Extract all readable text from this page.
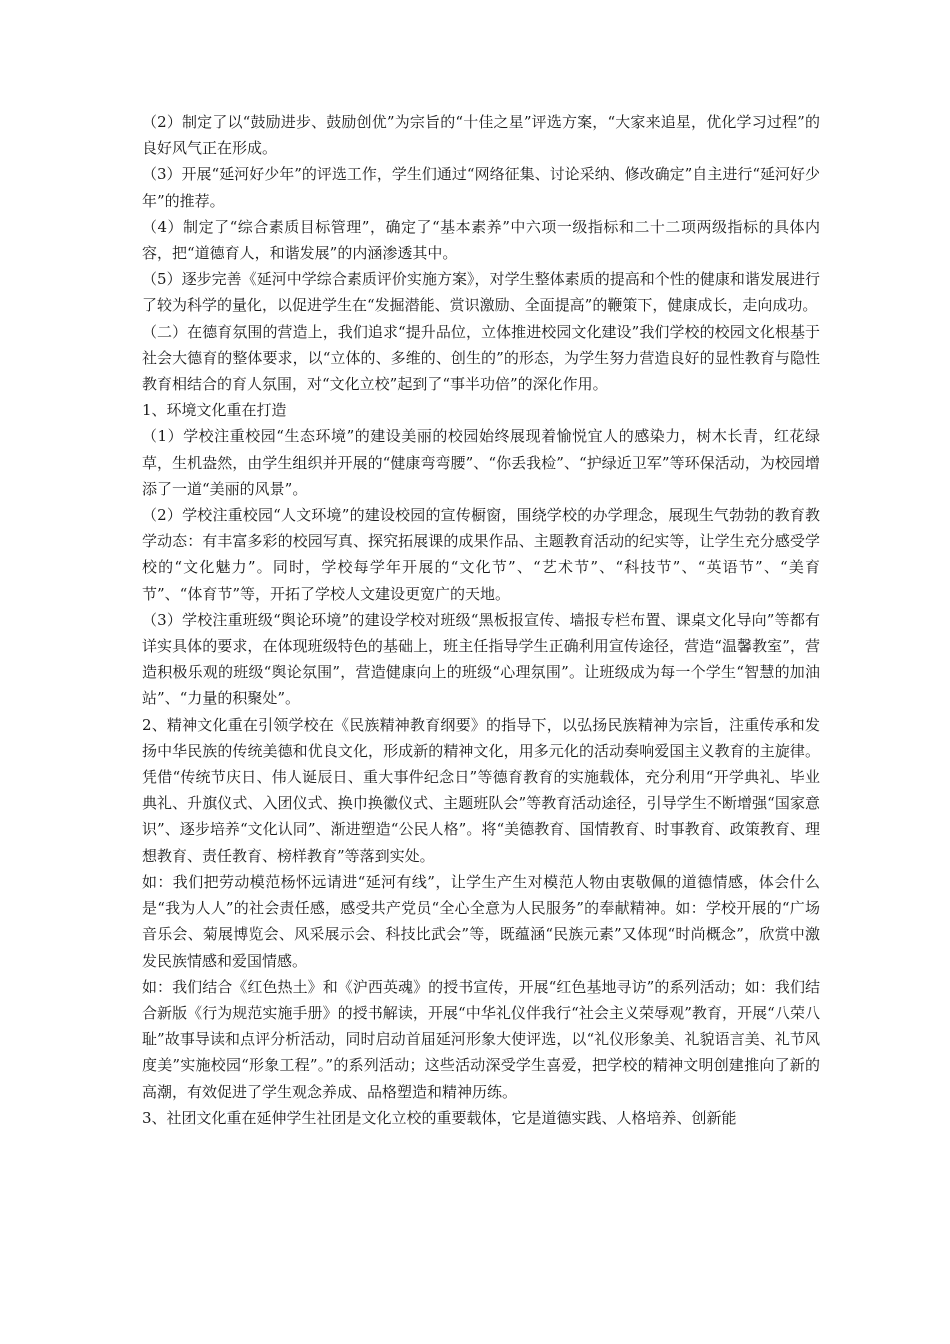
（2）制定了以“鼓励进步、鼓励创优”为宗旨的“十佳之星”评选方案，“大家来追星，优化学习过程”的良好风气正在形成。

（3）开展“延河好少年”的评选工作，学生们通过“网络征集、讨论采纳、修改确定”自主进行“延河好少年”的推荐。

（4）制定了“综合素质目标管理”，确定了“基本素养”中六项一级指标和二十二项两级指标的具体内容，把“道德育人，和谐发展”的内涵渗透其中。

（5）逐步完善《延河中学综合素质评价实施方案》，对学生整体素质的提高和个性的健康和谐发展进行了较为科学的量化，以促进学生在“发掘潜能、赏识激励、全面提高”的鞭策下，健康成长，走向成功。

（二）在德育氛围的营造上，我们追求“提升品位，立体推进校园文化建设”我们学校的校园文化根基于社会大德育的整体要求，以“立体的、多维的、创生的”的形态，为学生努力营造良好的显性教育与隐性教育相结合的育人氛围，对“文化立校”起到了“事半功倍”的深化作用。

1、环境文化重在打造

（1）学校注重校园“生态环境”的建设美丽的校园始终展现着愉悦宜人的感染力，树木长青，红花绿草，生机盎然，由学生组织并开展的“健康弯弯腰”、“你丢我检”、“护绿近卫军”等环保活动，为校园增添了一道“美丽的风景”。

（2）学校注重校园“人文环境”的建设校园的宣传橱窗，围绕学校的办学理念，展现生气勃勃的教育教学动态：有丰富多彩的校园写真、探究拓展课的成果作品、主题教育活动的纪实等，让学生充分感受学校的“文化魅力”。同时，学校每学年开展的“文化节”、“艺术节”、“科技节”、“英语节”、“美育节”、“体育节”等，开拓了学校人文建设更宽广的天地。

（3）学校注重班级“舆论环境”的建设学校对班级“黑板报宣传、墙报专栏布置、课桌文化导向”等都有详实具体的要求，在体现班级特色的基础上，班主任指导学生正确利用宣传途径，营造“温馨教室”，营造积极乐观的班级“舆论氛围”，营造健康向上的班级“心理氛围”。让班级成为每一个学生“智慧的加油站”、“力量的积聚处”。

2、精神文化重在引领学校在《民族精神教育纲要》的指导下，以弘扬民族精神为宗旨，注重传承和发扬中华民族的传统美德和优良文化，形成新的精神文化，用多元化的活动奏响爱国主义教育的主旋律。凭借“传统节庆日、伟人诞辰日、重大事件纪念日”等德育教育的实施载体，充分利用“开学典礼、毕业典礼、升旗仪式、入团仪式、换巾换徽仪式、主题班队会”等教育活动途径，引导学生不断增强“国家意识”、逐步培养“文化认同”、渐进塑造“公民人格”。将“美德教育、国情教育、时事教育、政策教育、理想教育、责任教育、榜样教育”等落到实处。

如：我们把劳动模范杨怀远请进“延河有线”，让学生产生对模范人物由衷敬佩的道德情感，体会什么是“我为人人”的社会责任感，感受共产党员“全心全意为人民服务”的奉献精神。如：学校开展的“广场音乐会、菊展博览会、风采展示会、科技比武会”等，既蕴涵“民族元素”又体现“时尚概念”，欣赏中激发民族情感和爱国情感。

如：我们结合《红色热土》和《沪西英魂》的授书宣传，开展“红色基地寻访”的系列活动；如：我们结合新版《行为规范实施手册》的授书解读，开展“中华礼仪伴我行“社会主义荣辱观”教育，开展“八荣八耻”故事导读和点评分析活动，同时启动首届延河形象大使评选，以“礼仪形象美、礼貌语言美、礼节风度美”实施校园“形象工程”。”的系列活动；这些活动深受学生喜爱，把学校的精神文明创建推向了新的高潮，有效促进了学生观念养成、品格塑造和精神历练。

3、社团文化重在延伸学生社团是文化立校的重要载体，它是道德实践、人格培养、创新能
